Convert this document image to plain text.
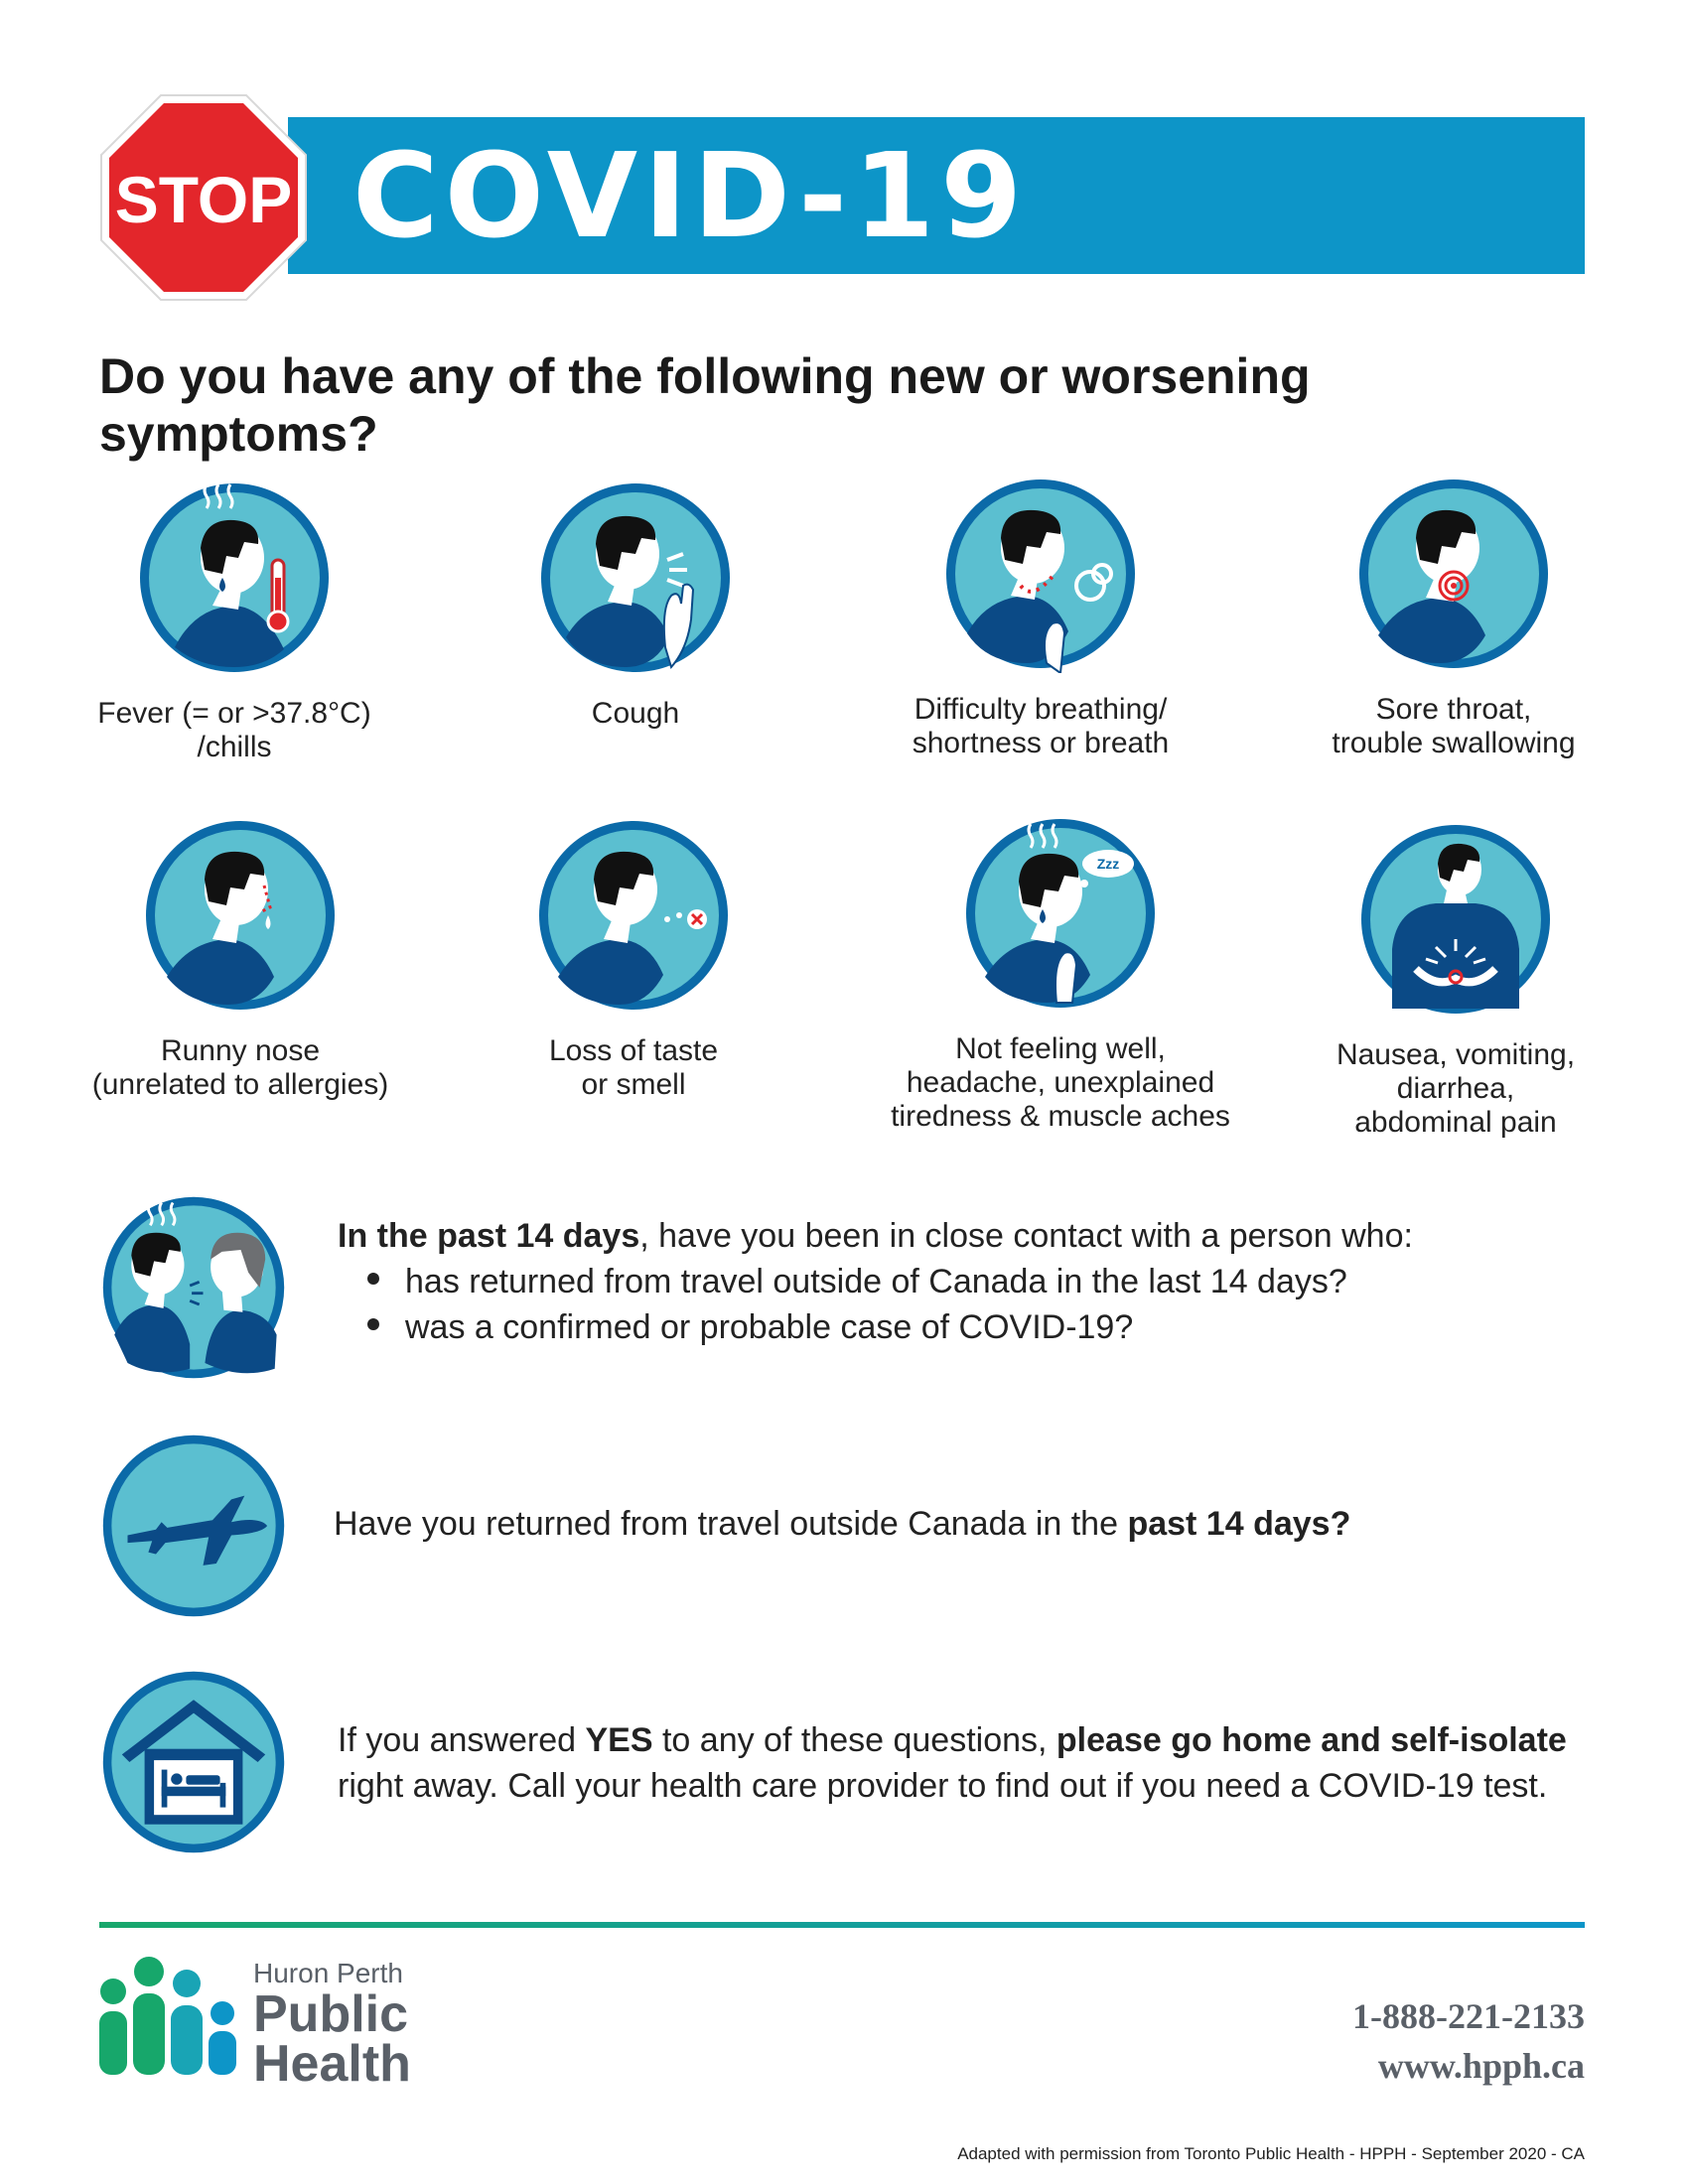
COVID-19
STOP
Do you have any of the following new or worsening symptoms?
Fever (= or >37.8°C)
/chills
Cough	Difficulty breathing/
shortness or breath
Sore throat,
trouble swallowing
Runny nose
(unrelated to allergies)
Loss of taste
or smell
Zzz
Not feeling well,
headache, unexplained
tiredness & muscle aches
Nausea, vomiting,
diarrhea,
abdominal pain
In the past 14 days, have you been in close contact with a person who:
has returned from travel outside of Canada in the last 14 days?
was a confirmed or probable case of COVID-19?
Have you returned from travel outside Canada in the past 14 days?
If you answered YES to any of these questions, please go home and self-isolate
right away. Call your health care provider to find out if you need a COVID-19 test.
Huron Perth
Public
Health
1-888-221-2133
www.hpph.ca
Adapted with permission from Toronto Public Health - HPPH - September 2020 - CA
